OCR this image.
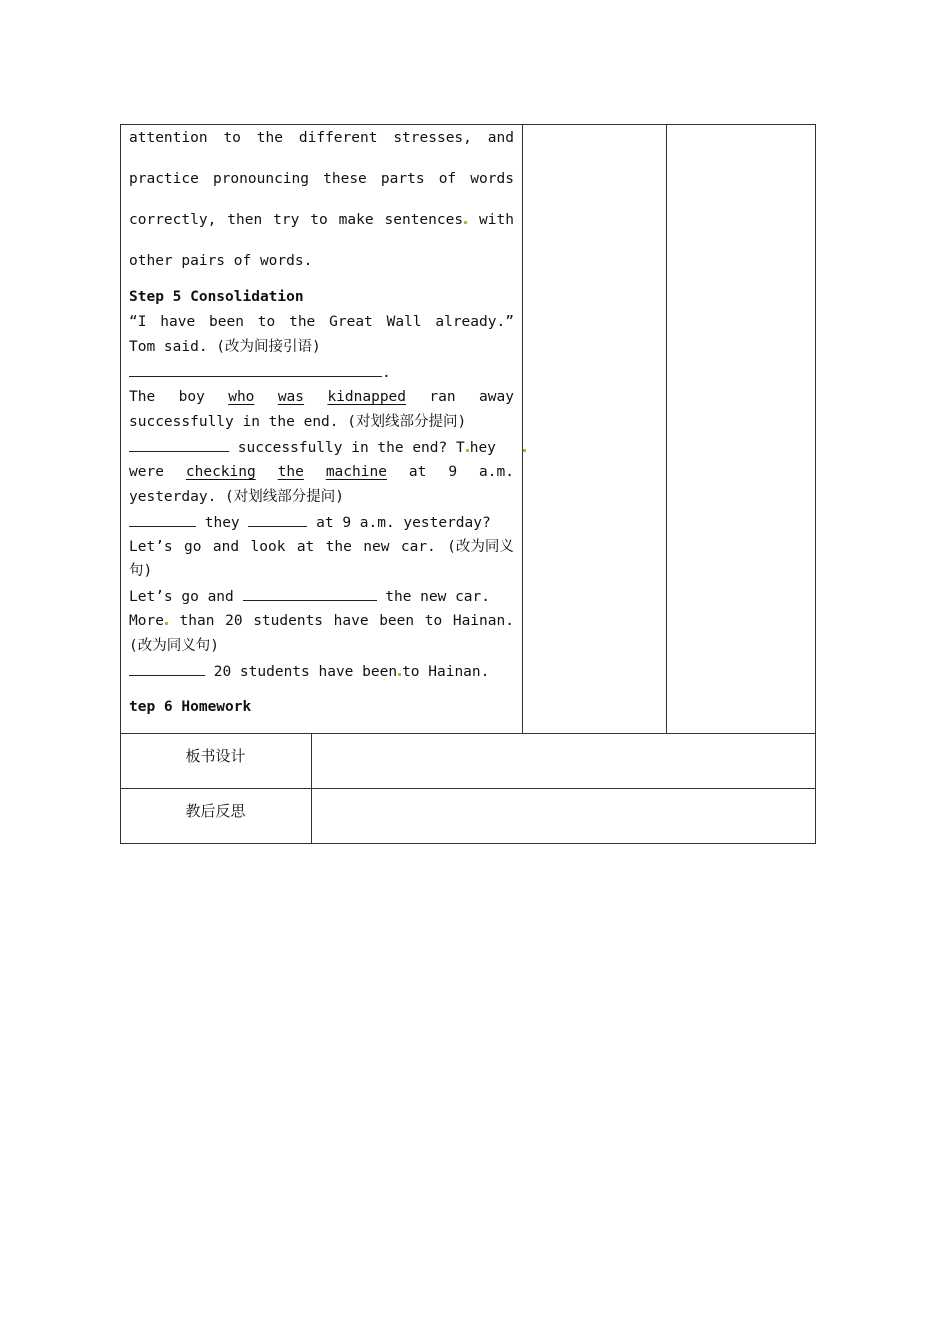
attention to the different stresses, and
practice pronouncing these parts of words
correctly, then try to make sentences	with
other pairs of words.
Step 5 Consolidation
“I have been to the Great Wall already.”
Tom said. (改为间接引语)
.
The boy who was kidnapped ran away
successfully in the end. (对划线部分提问)
successfully in the end? T hey
were checking the machine at 9 a.m.
yesterday. (对划线部分提问)
they	at 9 a.m. yesterday?
Let’s go and look at the new car. (改为同义
句)
Let’s go and	the new car.
More	than 20 students have been to Hainan.
(改为同义句)
20 students have been to Hainan.
tep 6 Homework
板书设计
教后反思
